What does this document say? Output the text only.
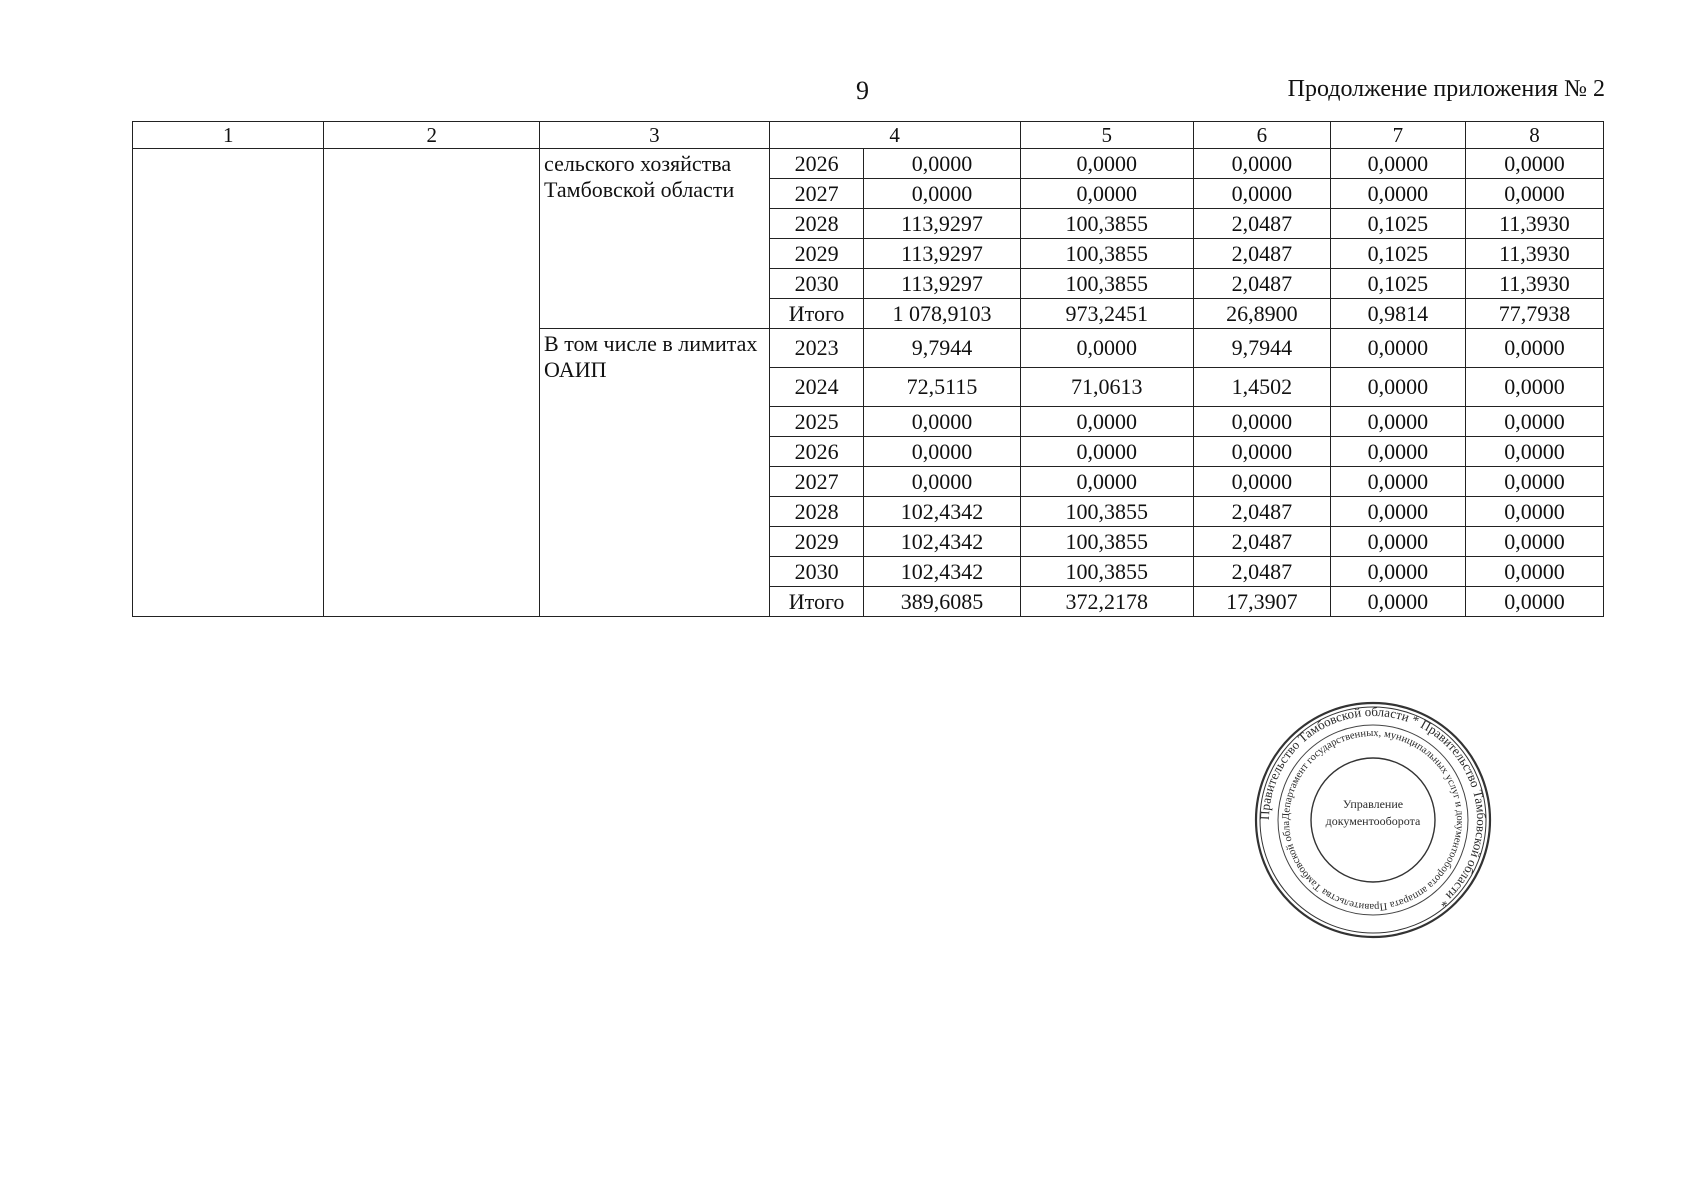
9	Продолжение приложения № 2
1	2	3	4		5	6	7	8
		сельского хозяйства Тамбовской области	2026	0,0000	0,0000	0,0000	0,0000	0,0000
			2027	0,0000	0,0000	0,0000	0,0000	0,0000
			2028	113,9297	100,3855	2,0487	0,1025	11,3930
			2029	113,9297	100,3855	2,0487	0,1025	11,3930
			2030	113,9297	100,3855	2,0487	0,1025	11,3930
			Итого	1 078,9103	973,2451	26,8900	0,9814	77,7938
		В том числе в лимитах ОАИП	2023	9,7944	0,0000	9,7944	0,0000	0,0000
			2024	72,5115	71,0613	1,4502	0,0000	0,0000
			2025	0,0000	0,0000	0,0000	0,0000	0,0000
			2026	0,0000	0,0000	0,0000	0,0000	0,0000
			2027	0,0000	0,0000	0,0000	0,0000	0,0000
			2028	102,4342	100,3855	2,0487	0,0000	0,0000
			2029	102,4342	100,3855	2,0487	0,0000	0,0000
			2030	102,4342	100,3855	2,0487	0,0000	0,0000
			Итого	389,6085	372,2178	17,3907	0,0000	0,0000
Правительство Тамбовской области * Правительство Тамбовской области *
Департамент государственных, муниципальных услуг и документооборота аппарата Правительства Тамбовской обла
Управление
документооборота
